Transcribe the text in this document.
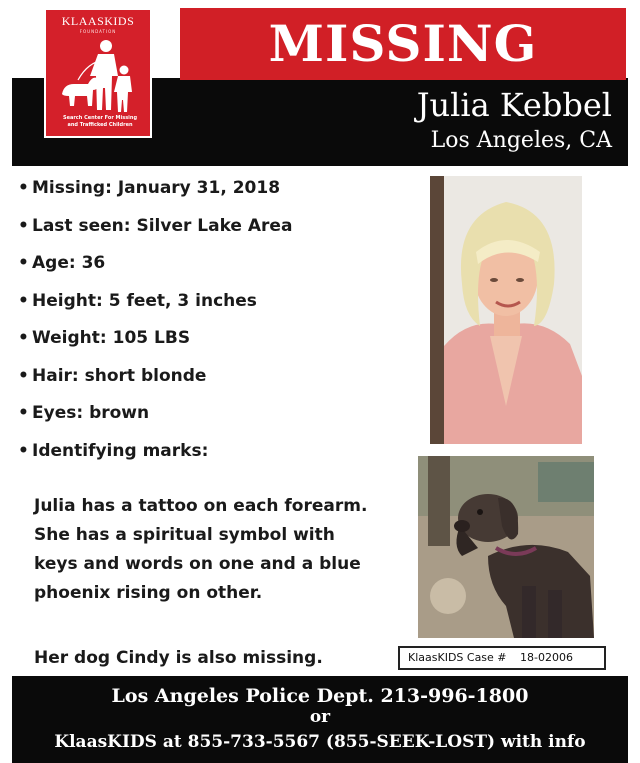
KLAASKIDS
FOUNDATION
Search Center For Missing
and Trafficked Children
MISSING
Julia Kebbel
Los Angeles, CA
• Missing: January 31, 2018
• Last seen: Silver Lake Area
• Age: 36
• Height: 5 feet, 3 inches
• Weight: 105 LBS
• Hair: short blonde
• Eyes: brown
• Identifying marks:
Julia has a tattoo on each forearm. She has a spiritual symbol with keys and words on one and a blue phoenix rising on other.
Her dog Cindy is also missing.	KlaasKIDS Case # 18-02006
Los Angeles Police Dept. 213-996-1800
or
KlaasKIDS at 855-733-5567 (855-SEEK-LOST) with info
